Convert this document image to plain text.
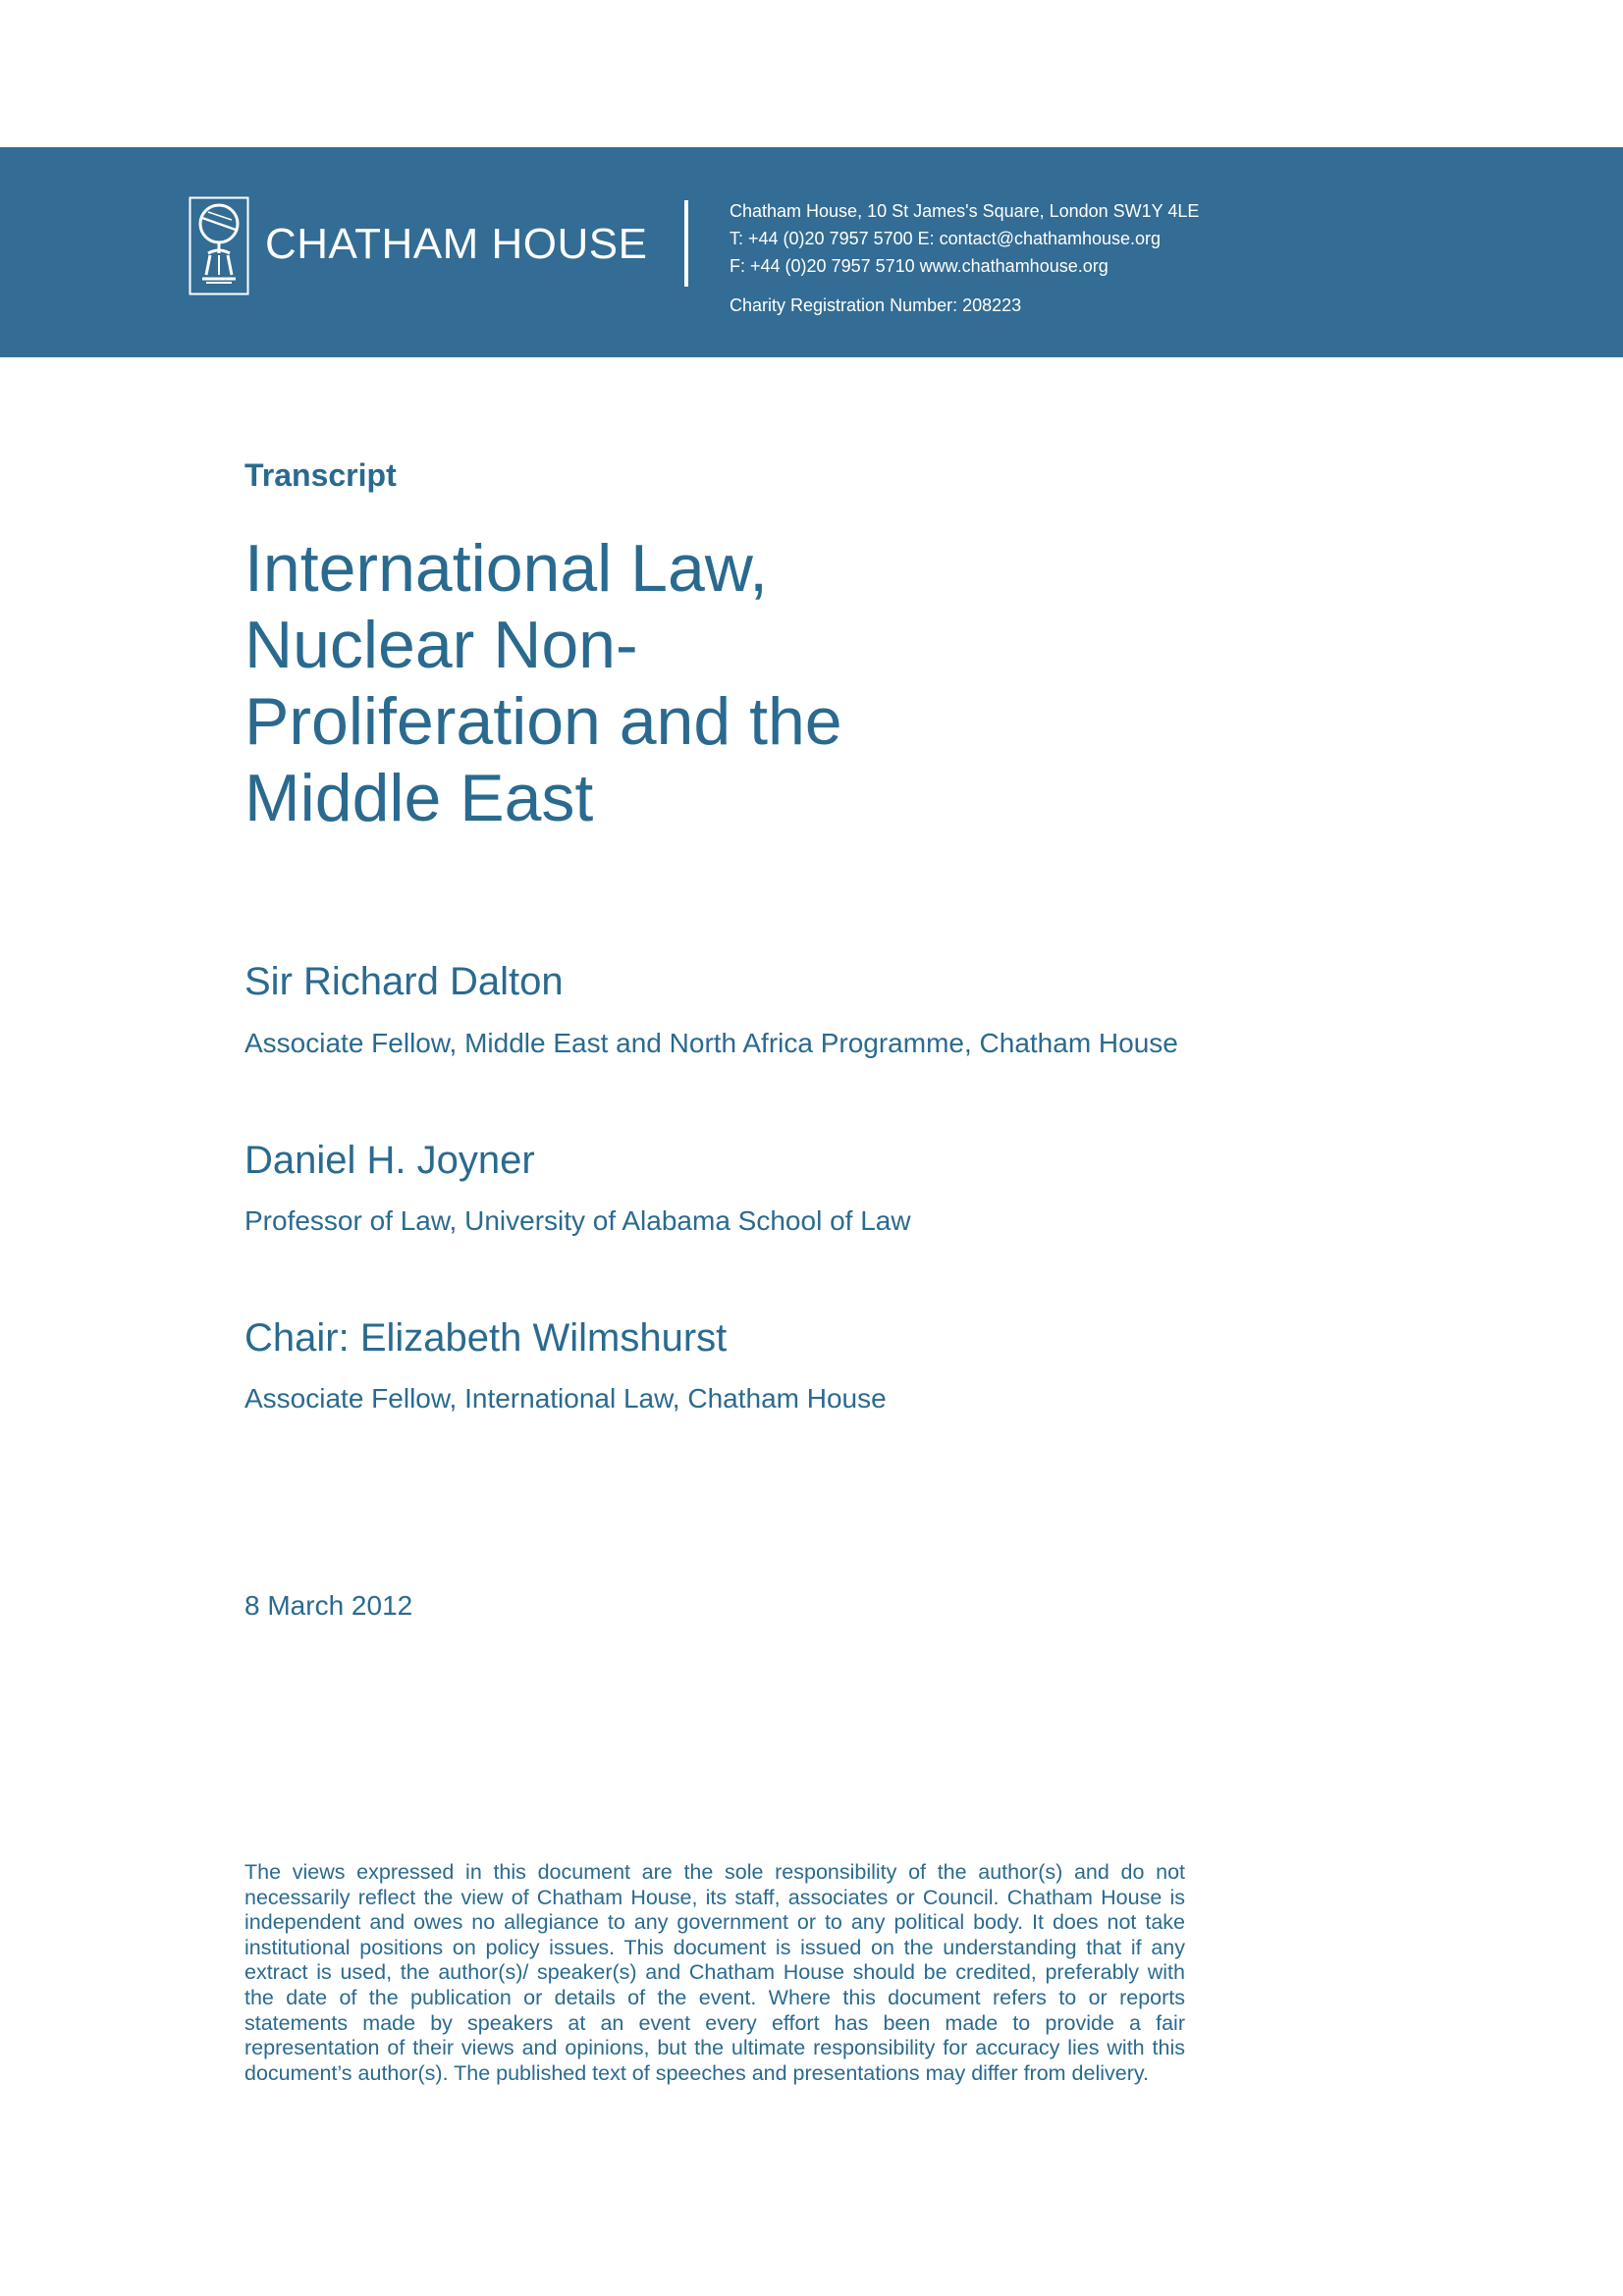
CHATHAM HOUSE
Chatham House, 10 St James's Square, London SW1Y 4LE
T: +44 (0)20 7957 5700 E: contact@chathamhouse.org
F: +44 (0)20 7957 5710 www.chathamhouse.org
Charity Registration Number: 208223
Transcript
International Law,
Nuclear Non-
Proliferation and the
Middle East
Sir Richard Dalton
Associate Fellow, Middle East and North Africa Programme, Chatham House
Daniel H. Joyner
Professor of Law, University of Alabama School of Law
Chair: Elizabeth Wilmshurst
Associate Fellow, International Law, Chatham House
8 March 2012
The views expressed in this document are the sole responsibility of the author(s) and do not necessarily reflect the view of Chatham House, its staff, associates or Council. Chatham House is independent and owes no allegiance to any government or to any political body. It does not take institutional positions on policy issues. This document is issued on the understanding that if any extract is used, the author(s)/ speaker(s) and Chatham House should be credited, preferably with the date of the publication or details of the event. Where this document refers to or reports statements made by speakers at an event every effort has been made to provide a fair representation of their views and opinions, but the ultimate responsibility for accuracy lies with this document’s author(s). The published text of speeches and presentations may differ from delivery.
